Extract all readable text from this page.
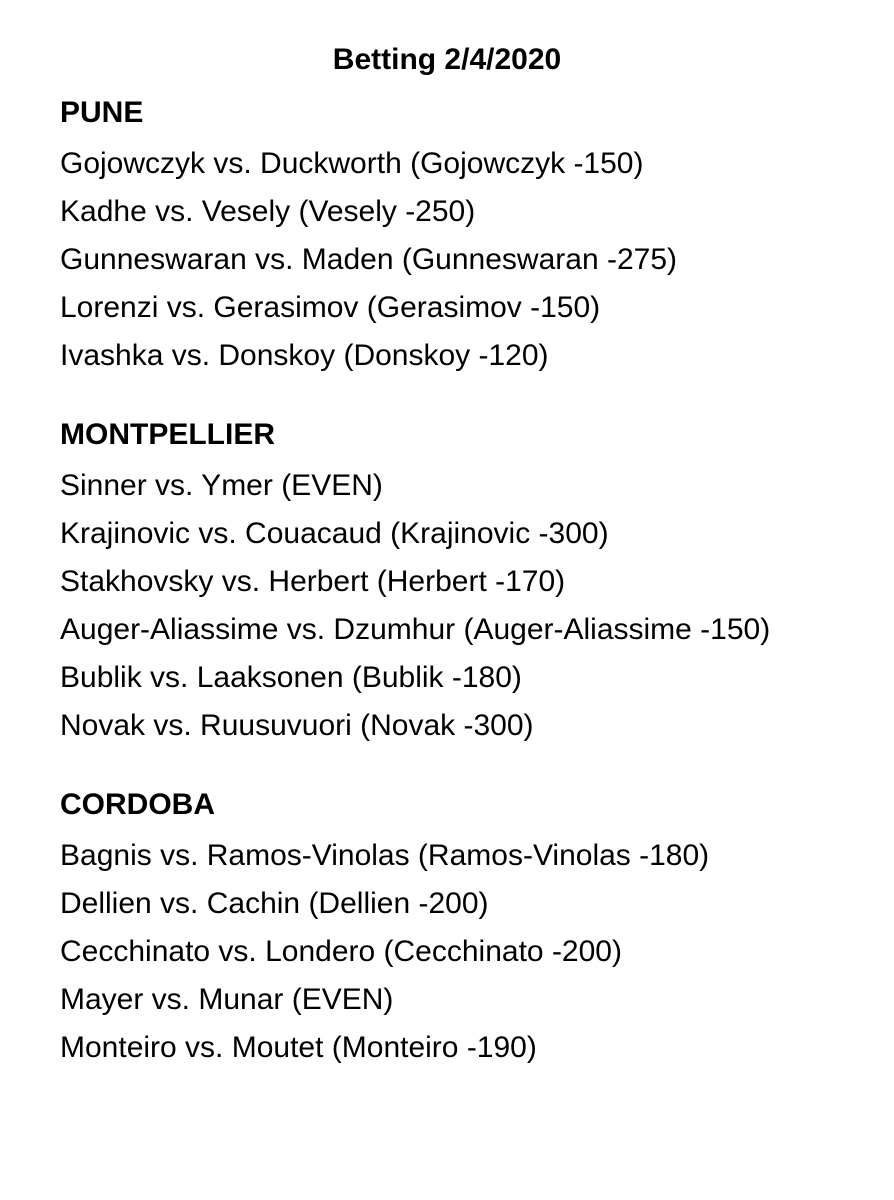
Betting 2/4/2020
PUNE
Gojowczyk vs. Duckworth (Gojowczyk -150)
Kadhe vs. Vesely (Vesely -250)
Gunneswaran vs. Maden (Gunneswaran -275)
Lorenzi vs. Gerasimov (Gerasimov -150)
Ivashka vs. Donskoy (Donskoy -120)
MONTPELLIER
Sinner vs. Ymer (EVEN)
Krajinovic vs. Couacaud (Krajinovic -300)
Stakhovsky vs. Herbert (Herbert -170)
Auger-Aliassime vs. Dzumhur (Auger-Aliassime -150)
Bublik vs. Laaksonen (Bublik -180)
Novak vs. Ruusuvuori (Novak -300)
CORDOBA
Bagnis vs. Ramos-Vinolas (Ramos-Vinolas -180)
Dellien vs. Cachin (Dellien -200)
Cecchinato vs. Londero (Cecchinato -200)
Mayer vs. Munar (EVEN)
Monteiro vs. Moutet (Monteiro -190)
